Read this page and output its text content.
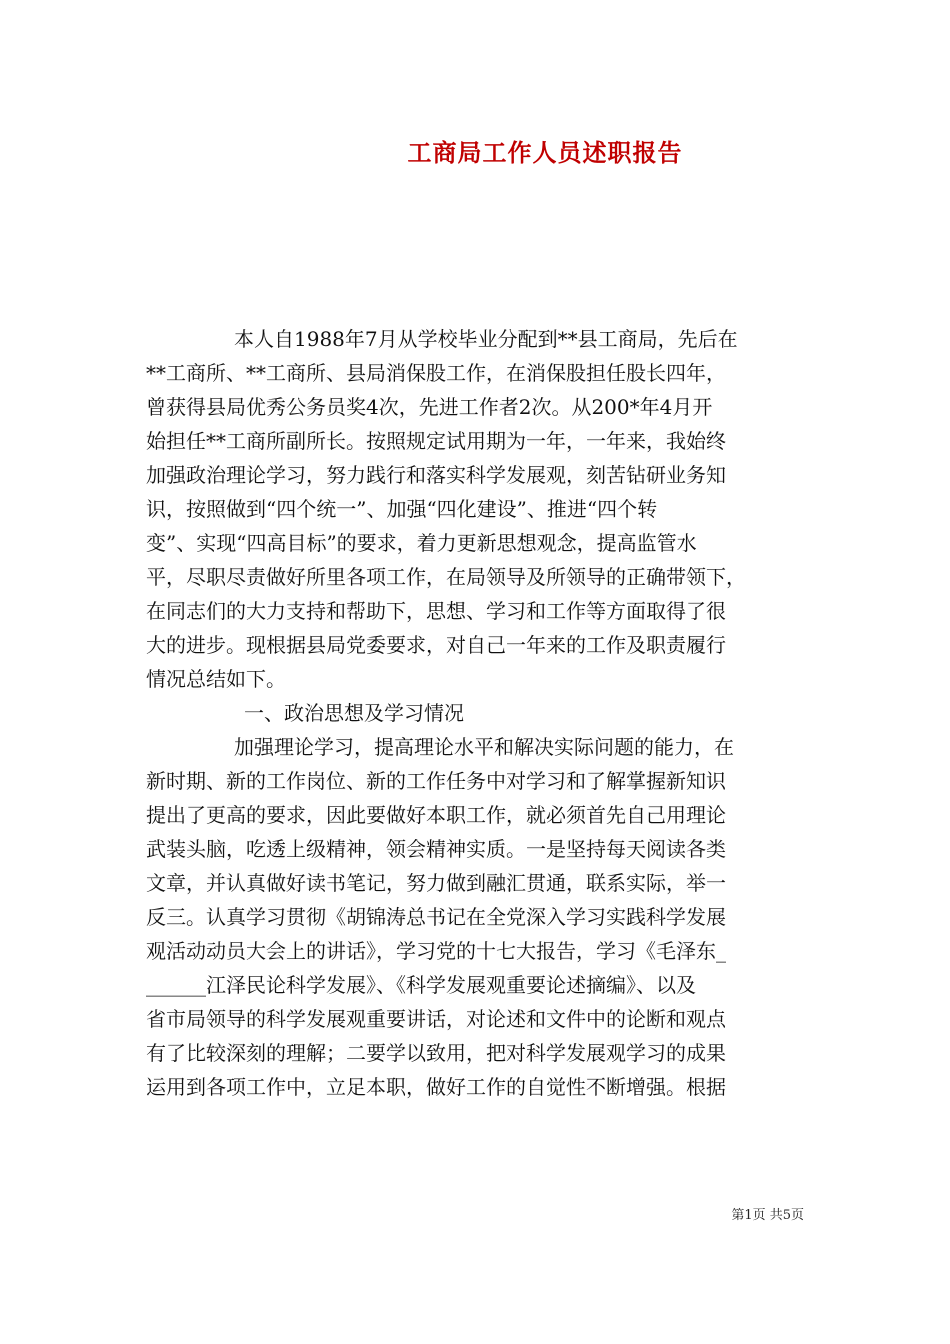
工商局工作人员述职报告
本人自1988年7月从学校毕业分配到**县工商局，先后在
**工商所、**工商所、县局消保股工作，在消保股担任股长四年，
曾获得县局优秀公务员奖4次，先进工作者2次。从200*年4月开
始担任**工商所副所长。按照规定试用期为一年，一年来，我始终
加强政治理论学习，努力践行和落实科学发展观，刻苦钻研业务知
识，按照做到“四个统一”、加强“四化建设”、推进“四个转
变”、实现“四高目标”的要求，着力更新思想观念，提高监管水
平，尽职尽责做好所里各项工作，在局领导及所领导的正确带领下，
在同志们的大力支持和帮助下，思想、学习和工作等方面取得了很
大的进步。现根据县局党委要求，对自己一年来的工作及职责履行
情况总结如下。
一、政治思想及学习情况
加强理论学习，提高理论水平和解决实际问题的能力，在
新时期、新的工作岗位、新的工作任务中对学习和了解掌握新知识
提出了更高的要求，因此要做好本职工作，就必须首先自己用理论
武装头脑，吃透上级精神，领会精神实质。一是坚持每天阅读各类
文章，并认真做好读书笔记，努力做到融汇贯通，联系实际，举一
反三。认真学习贯彻《胡锦涛总书记在全党深入学习实践科学发展
观活动动员大会上的讲话》，学习党的十七大报告，学习《毛泽东_
______江泽民论科学发展》、《科学发展观重要论述摘编》、以及
省市局领导的科学发展观重要讲话，对论述和文件中的论断和观点
有了比较深刻的理解；二要学以致用，把对科学发展观学习的成果
运用到各项工作中，立足本职，做好工作的自觉性不断增强。根据
第1页 共5页
